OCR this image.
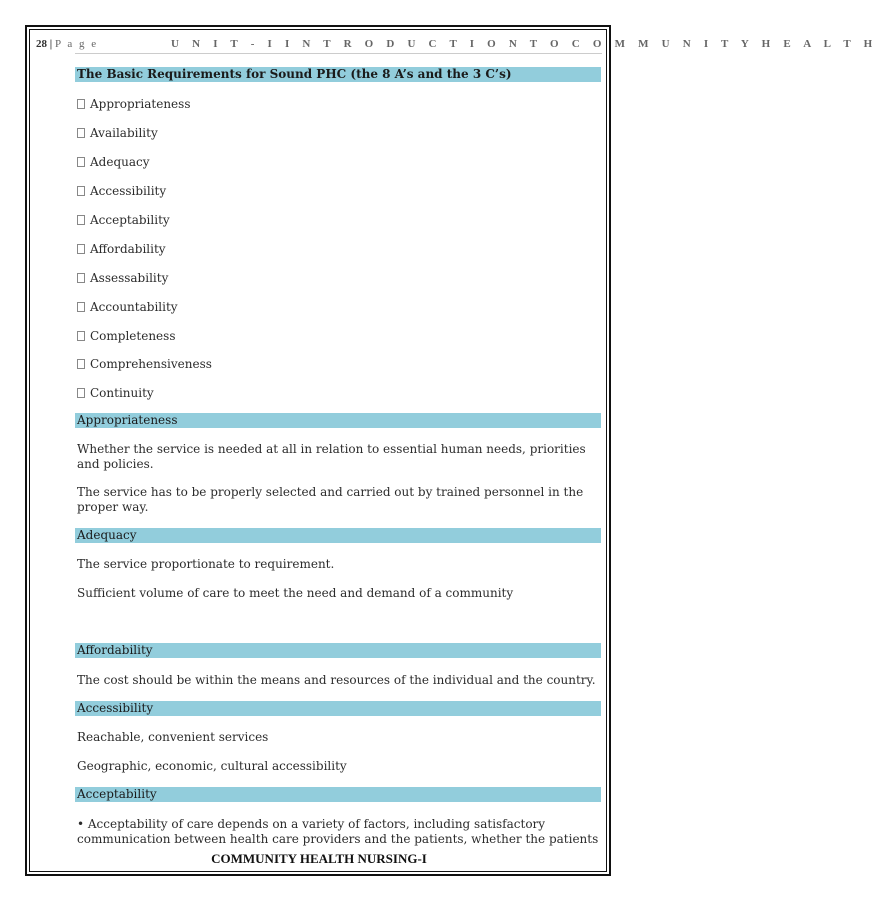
28 | P a g e	U N I T - I I N T R O D U C T I O N T O C O M M U N I T Y H E A L T H
The Basic Requirements for Sound PHC (the 8 A’s and the 3 C’s)
Appropriateness
Availability
Adequacy
Accessibility
Acceptability
Affordability
Assessability
Accountability
Completeness
Comprehensiveness
Continuity
Appropriateness
Whether the service is needed at all in relation to essential human needs, priorities and policies.
The service has to be properly selected and carried out by trained personnel in the proper way.
Adequacy
The service proportionate to requirement.
Sufficient volume of care to meet the need and demand of a community
Affordability
The cost should be within the means and resources of the individual and the country.
Accessibility
Reachable, convenient services
Geographic, economic, cultural accessibility
Acceptability
• Acceptability of care depends on a variety of factors, including satisfactory communication between health care providers and the patients, whether the patients
COMMUNITY HEALTH NURSING-I
